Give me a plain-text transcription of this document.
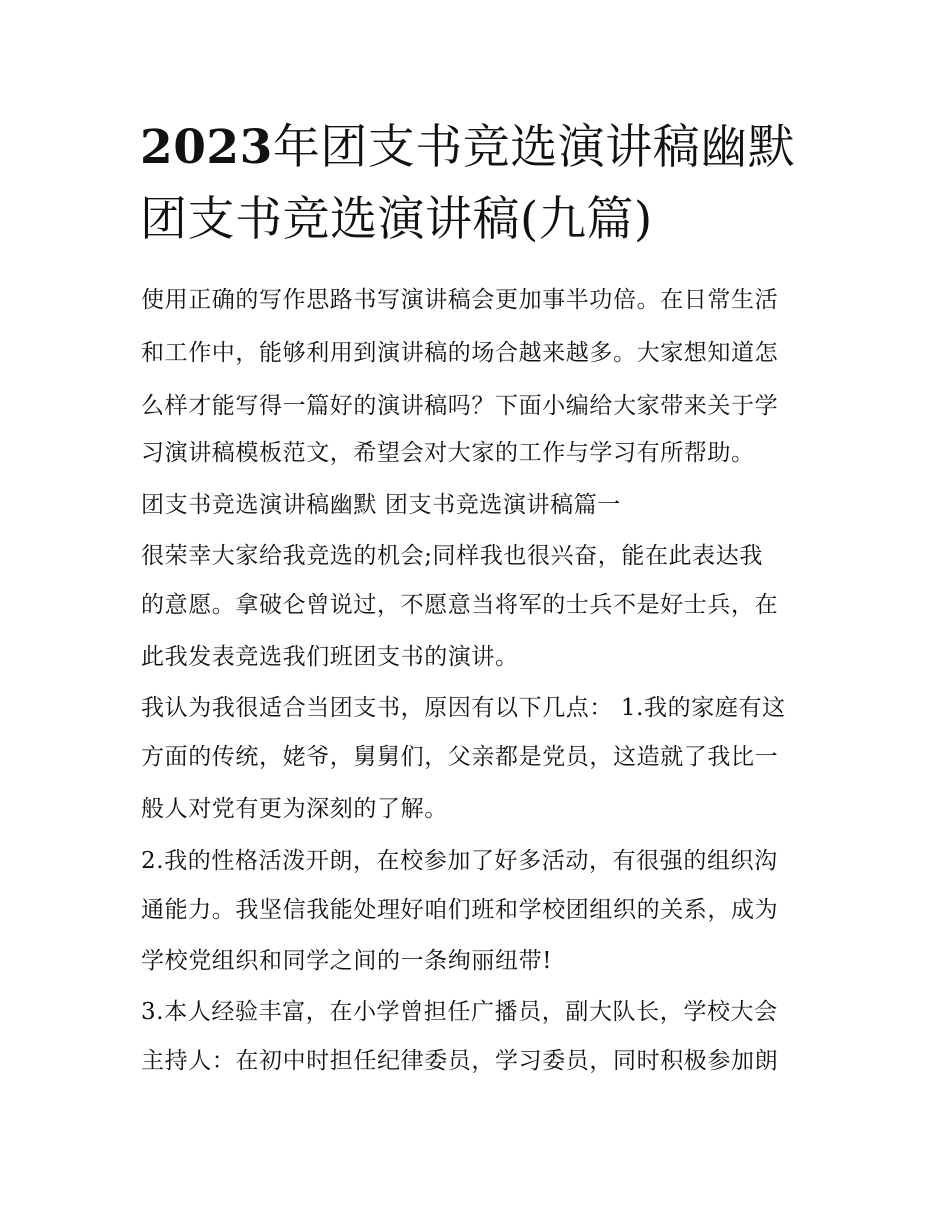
2023年团支书竞选演讲稿幽默
团支书竞选演讲稿(九篇)

使用正确的写作思路书写演讲稿会更加事半功倍。在日常生活

和工作中，能够利用到演讲稿的场合越来越多。大家想知道怎

么样才能写得一篇好的演讲稿吗？下面小编给大家带来关于学

习演讲稿模板范文，希望会对大家的工作与学习有所帮助。

团支书竞选演讲稿幽默 团支书竞选演讲稿篇一

很荣幸大家给我竞选的机会;同样我也很兴奋，能在此表达我

的意愿。拿破仑曾说过，不愿意当将军的士兵不是好士兵，在

此我发表竞选我们班团支书的演讲。

我认为我很适合当团支书，原因有以下几点： 1.我的家庭有这

方面的传统，姥爷，舅舅们，父亲都是党员，这造就了我比一

般人对党有更为深刻的了解。

2.我的性格活泼开朗，在校参加了好多活动，有很强的组织沟

通能力。我坚信我能处理好咱们班和学校团组织的关系，成为

学校党组织和同学之间的一条绚丽纽带!

3.本人经验丰富，在小学曾担任广播员，副大队长，学校大会

主持人：在初中时担任纪律委员，学习委员，同时积极参加朗
